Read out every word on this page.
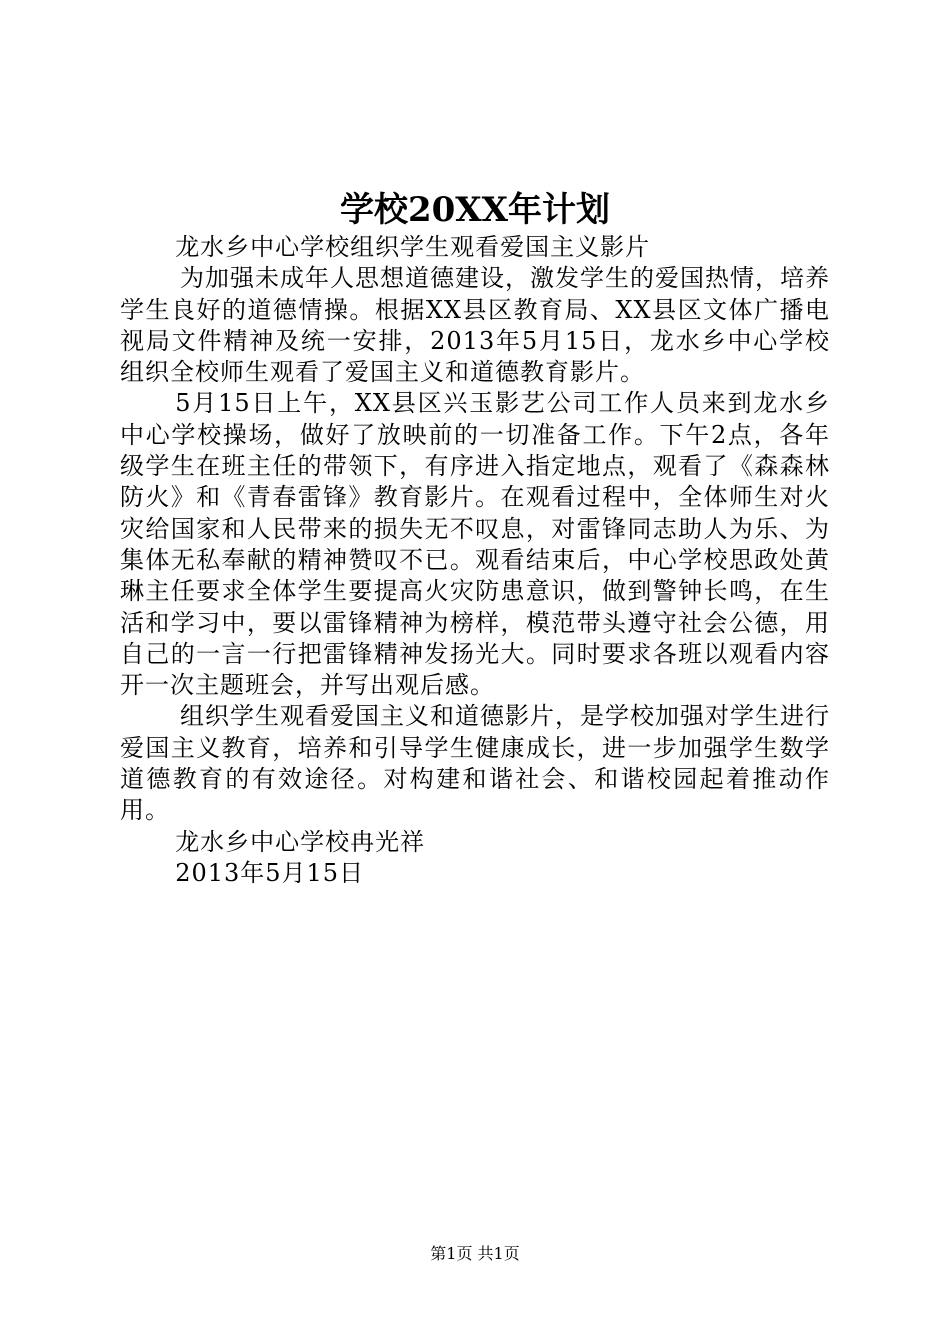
学校20XX年计划

龙水乡中心学校组织学生观看爱国主义影片

为加强未成年人思想道德建设，激发学生的爱国热情，培养学生良好的道德情操。根据XX县区教育局、XX县区文体广播电视局文件精神及统一安排，2013年5月15日，龙水乡中心学校组织全校师生观看了爱国主义和道德教育影片。

5月15日上午，XX县区兴玉影艺公司工作人员来到龙水乡中心学校操场，做好了放映前的一切准备工作。下午2点，各年级学生在班主任的带领下，有序进入指定地点，观看了《森森林防火》和《青春雷锋》教育影片。在观看过程中，全体师生对火灾给国家和人民带来的损失无不叹息，对雷锋同志助人为乐、为集体无私奉献的精神赞叹不已。观看结束后，中心学校思政处黄琳主任要求全体学生要提高火灾防患意识，做到警钟长鸣，在生活和学习中，要以雷锋精神为榜样，模范带头遵守社会公德，用自己的一言一行把雷锋精神发扬光大。同时要求各班以观看内容开一次主题班会，并写出观后感。

组织学生观看爱国主义和道德影片，是学校加强对学生进行爱国主义教育，培养和引导学生健康成长，进一步加强学生数学道德教育的有效途径。对构建和谐社会、和谐校园起着推动作用。

龙水乡中心学校冉光祥

2013年5月15日

第1页 共1页
